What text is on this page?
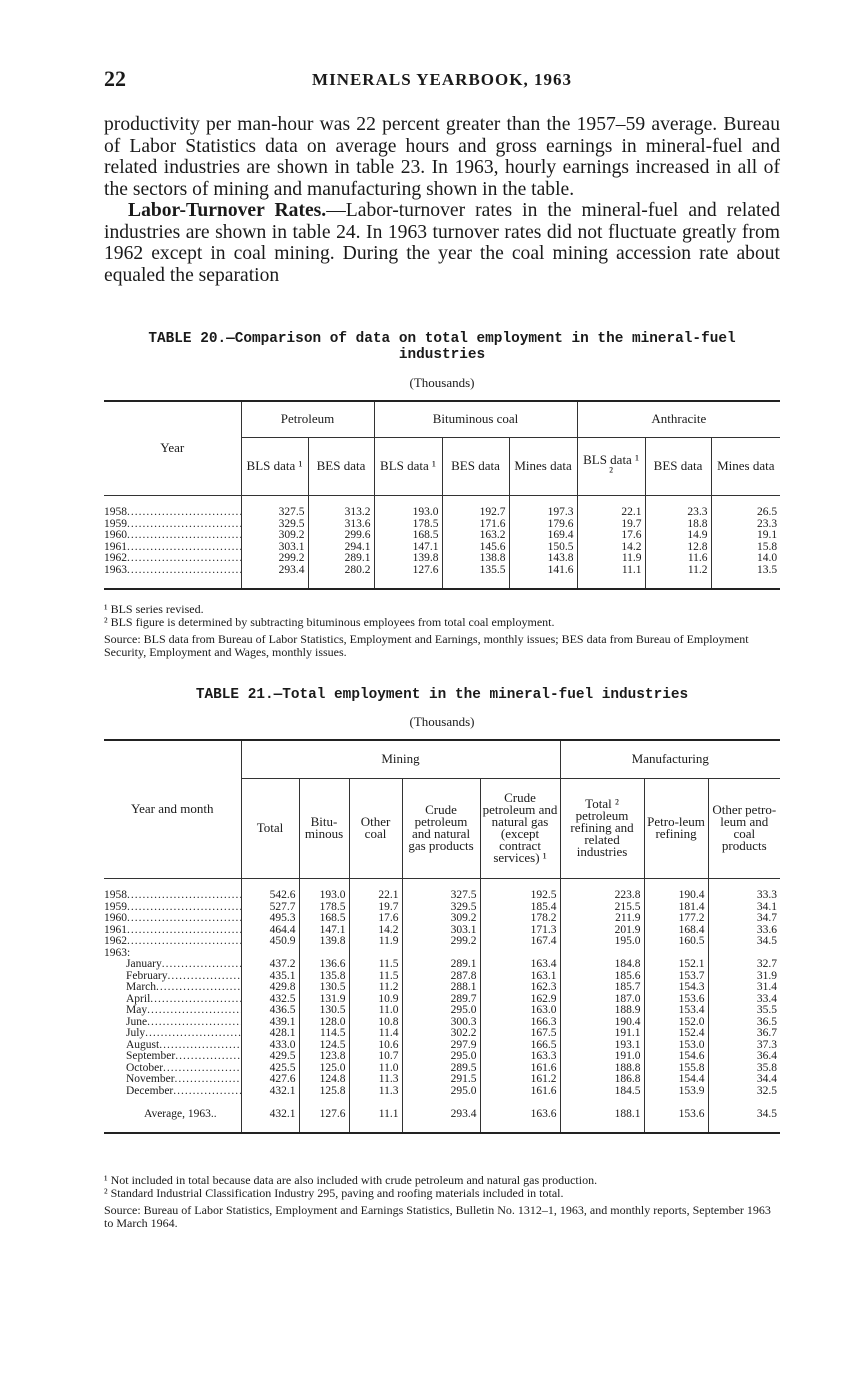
22	MINERALS YEARBOOK, 1963

productivity per man-hour was 22 percent greater than the 1957–59 average. Bureau of Labor Statistics data on average hours and gross earnings in mineral-fuel and related industries are shown in table 23. In 1963, hourly earnings increased in all of the sectors of mining and manufacturing shown in the table.

Labor-Turnover Rates.—Labor-turnover rates in the mineral-fuel and related industries are shown in table 24. In 1963 turnover rates did not fluctuate greatly from 1962 except in coal mining. During the year the coal mining accession rate about equaled the separation

TABLE 20.—Comparison of data on total employment in the mineral-fuel industries
(Thousands)
Year	Petroleum		Bituminous coal			Anthracite		
	BLS data ¹	BES data	BLS data ¹	BES data	Mines data	BLS data ¹ ²	BES data	Mines data

1958 .....	327.5	313.2	193.0	192.7	197.3	22.1	23.3	26.5
1959 .....	329.5	313.6	178.5	171.6	179.6	19.7	18.8	23.3
1960 .....	309.2	299.6	168.5	163.2	169.4	17.6	14.9	19.1
1961 .....	303.1	294.1	147.1	145.6	150.5	14.2	12.8	15.8
1962 .....	299.2	289.1	139.8	138.8	143.8	11.9	11.6	14.0
1963 .....	293.4	280.2	127.6	135.5	141.6	11.1	11.2	13.5

¹ BLS series revised.

² BLS figure is determined by subtracting bituminous employees from total coal employment.

Source: BLS data from Bureau of Labor Statistics, Employment and Earnings, monthly issues; BES data from Bureau of Employment Security, Employment and Wages, monthly issues.

TABLE 21.—Total employment in the mineral-fuel industries
(Thousands)
Year and month	Mining					Manufacturing		
	Total	Bitu-minous	Other coal	Crude petroleum and natural gas products	Crude petroleum and natural gas (except contract services) ¹	Total ² petroleum refining and related industries	Petro-leum refining	Other petro-leum and coal products

1958 .....	542.6	193.0	22.1	327.5	192.5	223.8	190.4	33.3
1959 .....	527.7	178.5	19.7	329.5	185.4	215.5	181.4	34.1
1960 .....	495.3	168.5	17.6	309.2	178.2	211.9	177.2	34.7
1961 .....	464.4	147.1	14.2	303.1	171.3	201.9	168.4	33.6
1962 .....	450.9	139.8	11.9	299.2	167.4	195.0	160.5	34.5
1963:								
January .....	437.2	136.6	11.5	289.1	163.4	184.8	152.1	32.7
February .....	435.1	135.8	11.5	287.8	163.1	185.6	153.7	31.9
March .....	429.8	130.5	11.2	288.1	162.3	185.7	154.3	31.4
April .....	432.5	131.9	10.9	289.7	162.9	187.0	153.6	33.4
May .....	436.5	130.5	11.0	295.0	163.0	188.9	153.4	35.5
June .....	439.1	128.0	10.8	300.3	166.3	190.4	152.0	36.5
July .....	428.1	114.5	11.4	302.2	167.5	191.1	152.4	36.7
August .....	433.0	124.5	10.6	297.9	166.5	193.1	153.0	37.3
September .....	429.5	123.8	10.7	295.0	163.3	191.0	154.6	36.4
October .....	425.5	125.0	11.0	289.5	161.6	188.8	155.8	35.8
November .....	427.6	124.8	11.3	291.5	161.2	186.8	154.4	34.4
December .....	432.1	125.8	11.3	295.0	161.6	184.5	153.9	32.5

Average, 1963..	432.1	127.6	11.1	293.4	163.6	188.1	153.6	34.5

¹ Not included in total because data are also included with crude petroleum and natural gas production.

² Standard Industrial Classification Industry 295, paving and roofing materials included in total.

Source: Bureau of Labor Statistics, Employment and Earnings Statistics, Bulletin No. 1312–1, 1963, and monthly reports, September 1963 to March 1964.
